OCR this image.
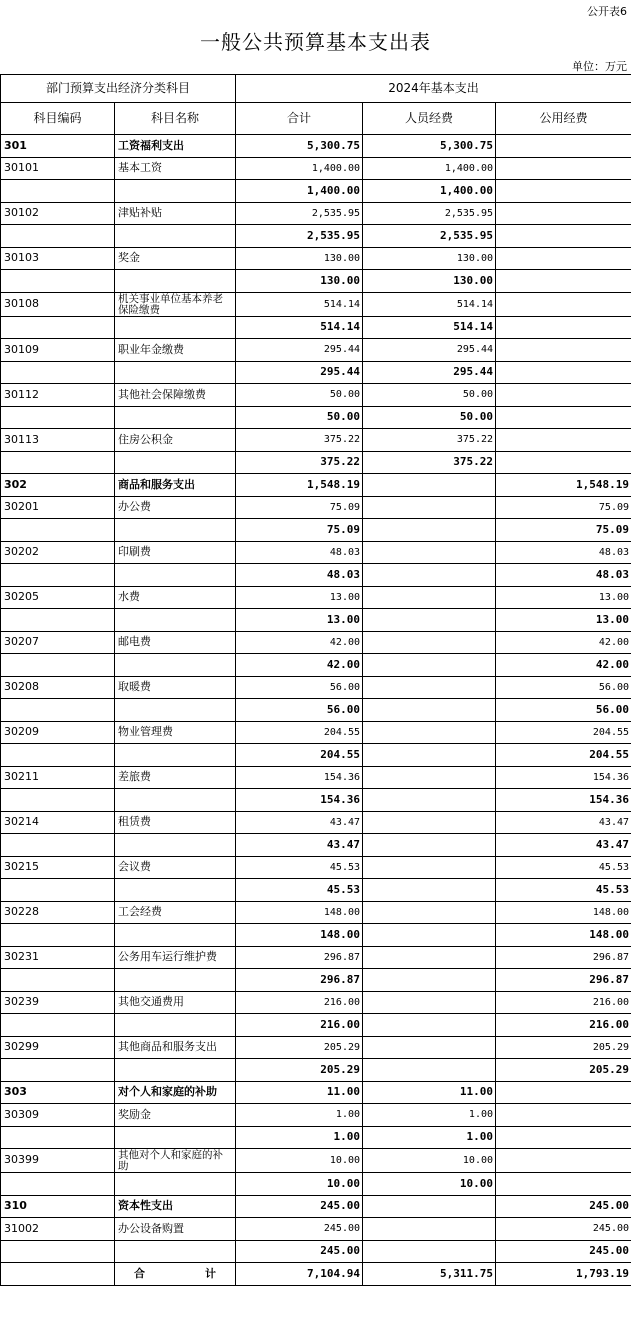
公开表6
一般公共预算基本支出表
单位：万元
部门预算支出经济分类科目		2024年基本支出		
科目编码	科目名称	合计	人员经费	公用经费
301	工资福利支出	5,300.75	5,300.75	
30101	基本工资	1,400.00	1,400.00	
		1,400.00	1,400.00	
30102	津贴补贴	2,535.95	2,535.95	
		2,535.95	2,535.95	
30103	奖金	130.00	130.00	
		130.00	130.00	
30108	机关事业单位基本养老保险缴费	514.14	514.14	
		514.14	514.14	
30109	职业年金缴费	295.44	295.44	
		295.44	295.44	
30112	其他社会保障缴费	50.00	50.00	
		50.00	50.00	
30113	住房公积金	375.22	375.22	
		375.22	375.22	
302	商品和服务支出	1,548.19		1,548.19
30201	办公费	75.09		75.09
		75.09		75.09
30202	印刷费	48.03		48.03
		48.03		48.03
30205	水费	13.00		13.00
		13.00		13.00
30207	邮电费	42.00		42.00
		42.00		42.00
30208	取暖费	56.00		56.00
		56.00		56.00
30209	物业管理费	204.55		204.55
		204.55		204.55
30211	差旅费	154.36		154.36
		154.36		154.36
30214	租赁费	43.47		43.47
		43.47		43.47
30215	会议费	45.53		45.53
		45.53		45.53
30228	工会经费	148.00		148.00
		148.00		148.00
30231	公务用车运行维护费	296.87		296.87
		296.87		296.87
30239	其他交通费用	216.00		216.00
		216.00		216.00
30299	其他商品和服务支出	205.29		205.29
		205.29		205.29
303	对个人和家庭的补助	11.00	11.00	
30309	奖励金	1.00	1.00	
		1.00	1.00	
30399	其他对个人和家庭的补助	10.00	10.00	
		10.00	10.00	
310	资本性支出	245.00		245.00
31002	办公设备购置	245.00		245.00
		245.00		245.00

	合 计	7,104.94	5,311.75	1,793.19
